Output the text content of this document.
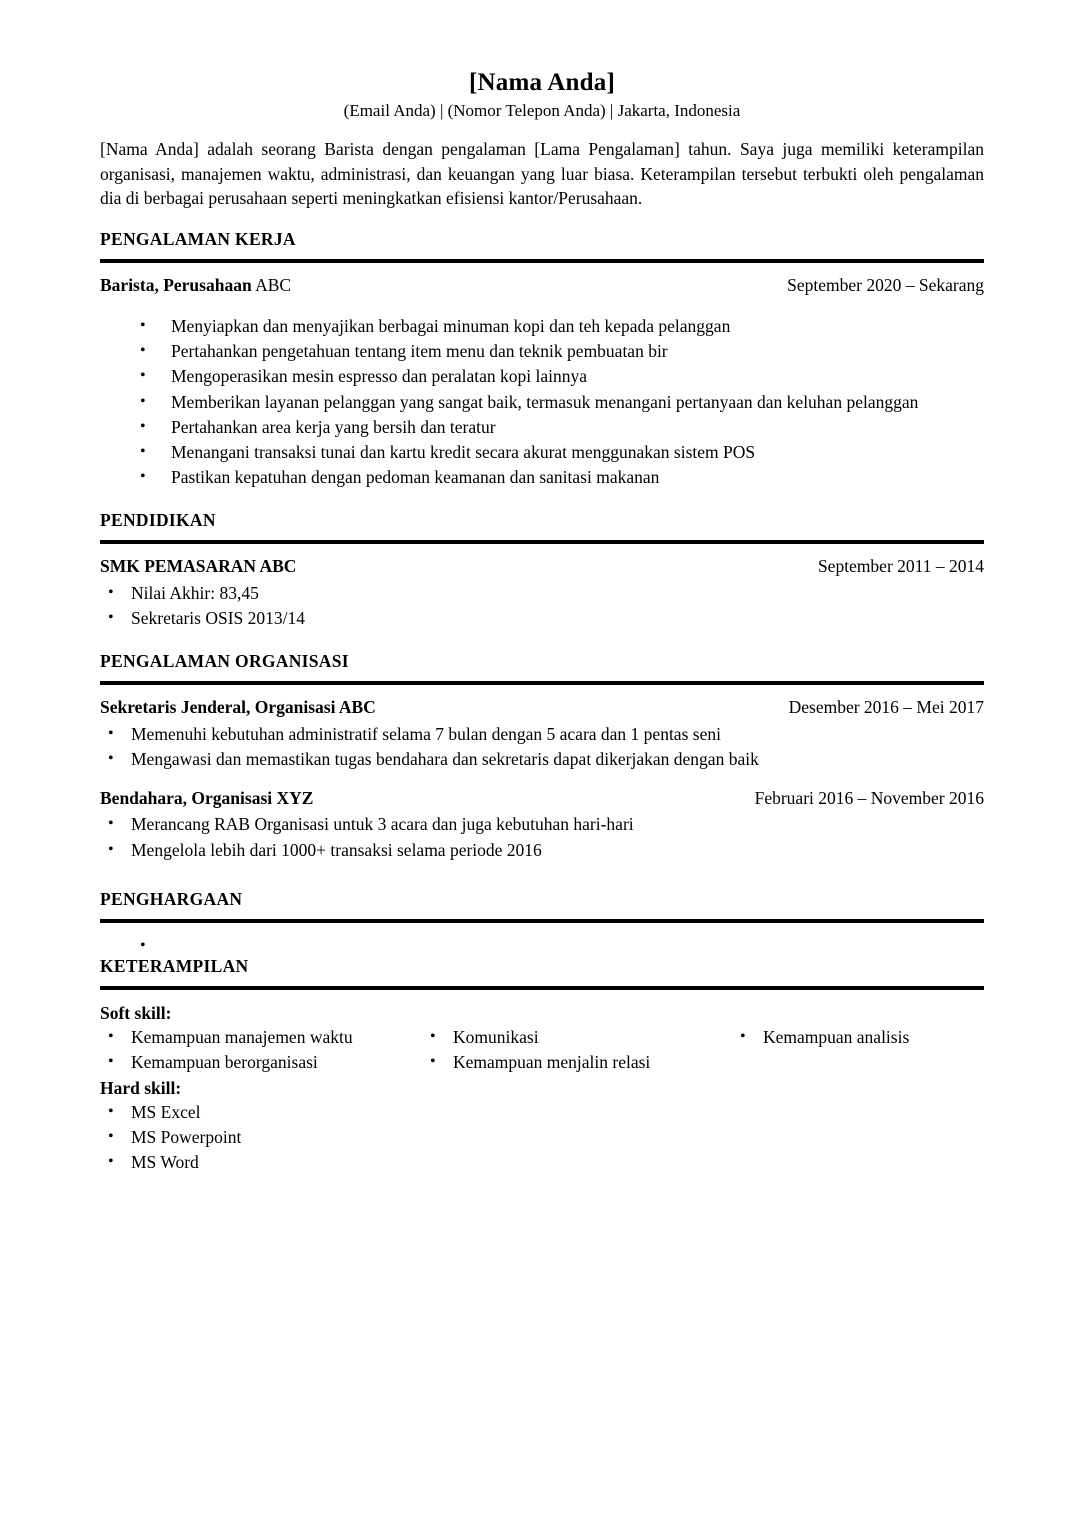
[Nama Anda]
(Email Anda) | (Nomor Telepon Anda) | Jakarta, Indonesia
[Nama Anda] adalah seorang Barista dengan pengalaman [Lama Pengalaman] tahun. Saya juga memiliki keterampilan organisasi, manajemen waktu, administrasi, dan keuangan yang luar biasa. Keterampilan tersebut terbukti oleh pengalaman dia di berbagai perusahaan seperti meningkatkan efisiensi kantor/Perusahaan.
PENGALAMAN KERJA
Barista, Perusahaan ABC	September 2020 – Sekarang
• Menyiapkan dan menyajikan berbagai minuman kopi dan teh kepada pelanggan
• Pertahankan pengetahuan tentang item menu dan teknik pembuatan bir
• Mengoperasikan mesin espresso dan peralatan kopi lainnya
• Memberikan layanan pelanggan yang sangat baik, termasuk menangani pertanyaan dan keluhan pelanggan
• Pertahankan area kerja yang bersih dan teratur
• Menangani transaksi tunai dan kartu kredit secara akurat menggunakan sistem POS
• Pastikan kepatuhan dengan pedoman keamanan dan sanitasi makanan
PENDIDIKAN
SMK PEMASARAN ABC	September 2011 – 2014
• Nilai Akhir: 83,45
• Sekretaris OSIS 2013/14
PENGALAMAN ORGANISASI
Sekretaris Jenderal, Organisasi ABC	Desember 2016 – Mei 2017
• Memenuhi kebutuhan administratif selama 7 bulan dengan 5 acara dan 1 pentas seni
• Mengawasi dan memastikan tugas bendahara dan sekretaris dapat dikerjakan dengan baik
Bendahara, Organisasi XYZ	Februari 2016 – November 2016
• Merancang RAB Organisasi untuk 3 acara dan juga kebutuhan hari-hari
• Mengelola lebih dari 1000+ transaksi selama periode 2016
PENGHARGAAN
•
KETERAMPILAN
Soft skill:
• Kemampuan manajemen waktu
• Kemampuan berorganisasi
Hard skill:
• MS Excel
• MS Powerpoint
• MS Word
• Komunikasi
• Kemampuan menjalin relasi
• Kemampuan analisis
